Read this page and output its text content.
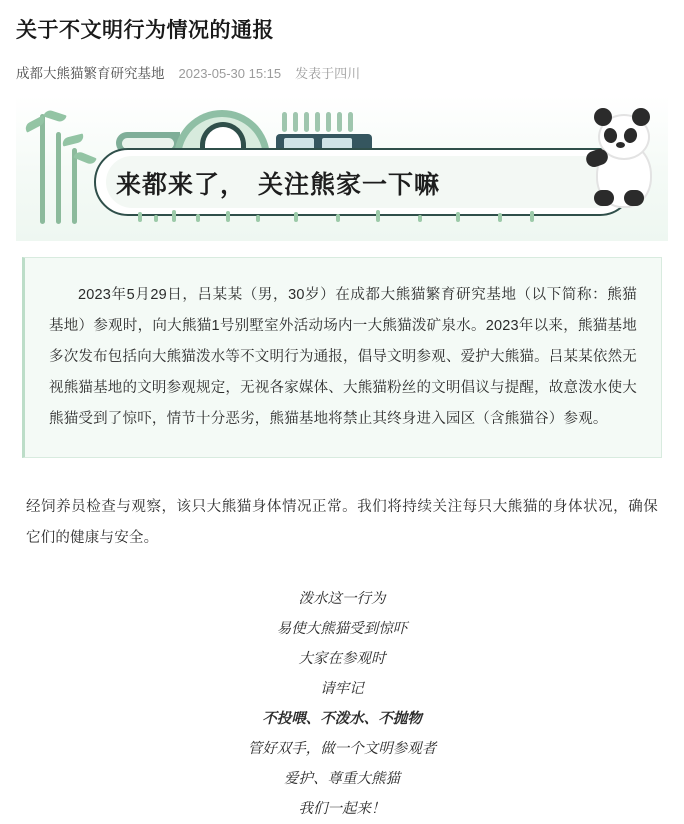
关于不文明行为情况的通报
成都大熊猫繁育研究基地 2023-05-30 15:15 发表于四川
来都来了， 关注熊家一下嘛

2023年5月29日，吕某某（男，30岁）在成都大熊猫繁育研究基地（以下简称：熊猫基地）参观时，向大熊猫1号别墅室外活动场内一大熊猫泼矿泉水。2023年以来，熊猫基地多次发布包括向大熊猫泼水等不文明行为通报，倡导文明参观、爱护大熊猫。吕某某依然无视熊猫基地的文明参观规定，无视各家媒体、大熊猫粉丝的文明倡议与提醒，故意泼水使大熊猫受到了惊吓，情节十分恶劣，熊猫基地将禁止其终身进入园区（含熊猫谷）参观。

经饲养员检查与观察，该只大熊猫身体情况正常。我们将持续关注每只大熊猫的身体状况，确保它们的健康与安全。
泼水这一行为
易使大熊猫受到惊吓
大家在参观时
请牢记
不投喂、不泼水、不抛物
管好双手，做一个文明参观者
爱护、尊重大熊猫
我们一起来！
